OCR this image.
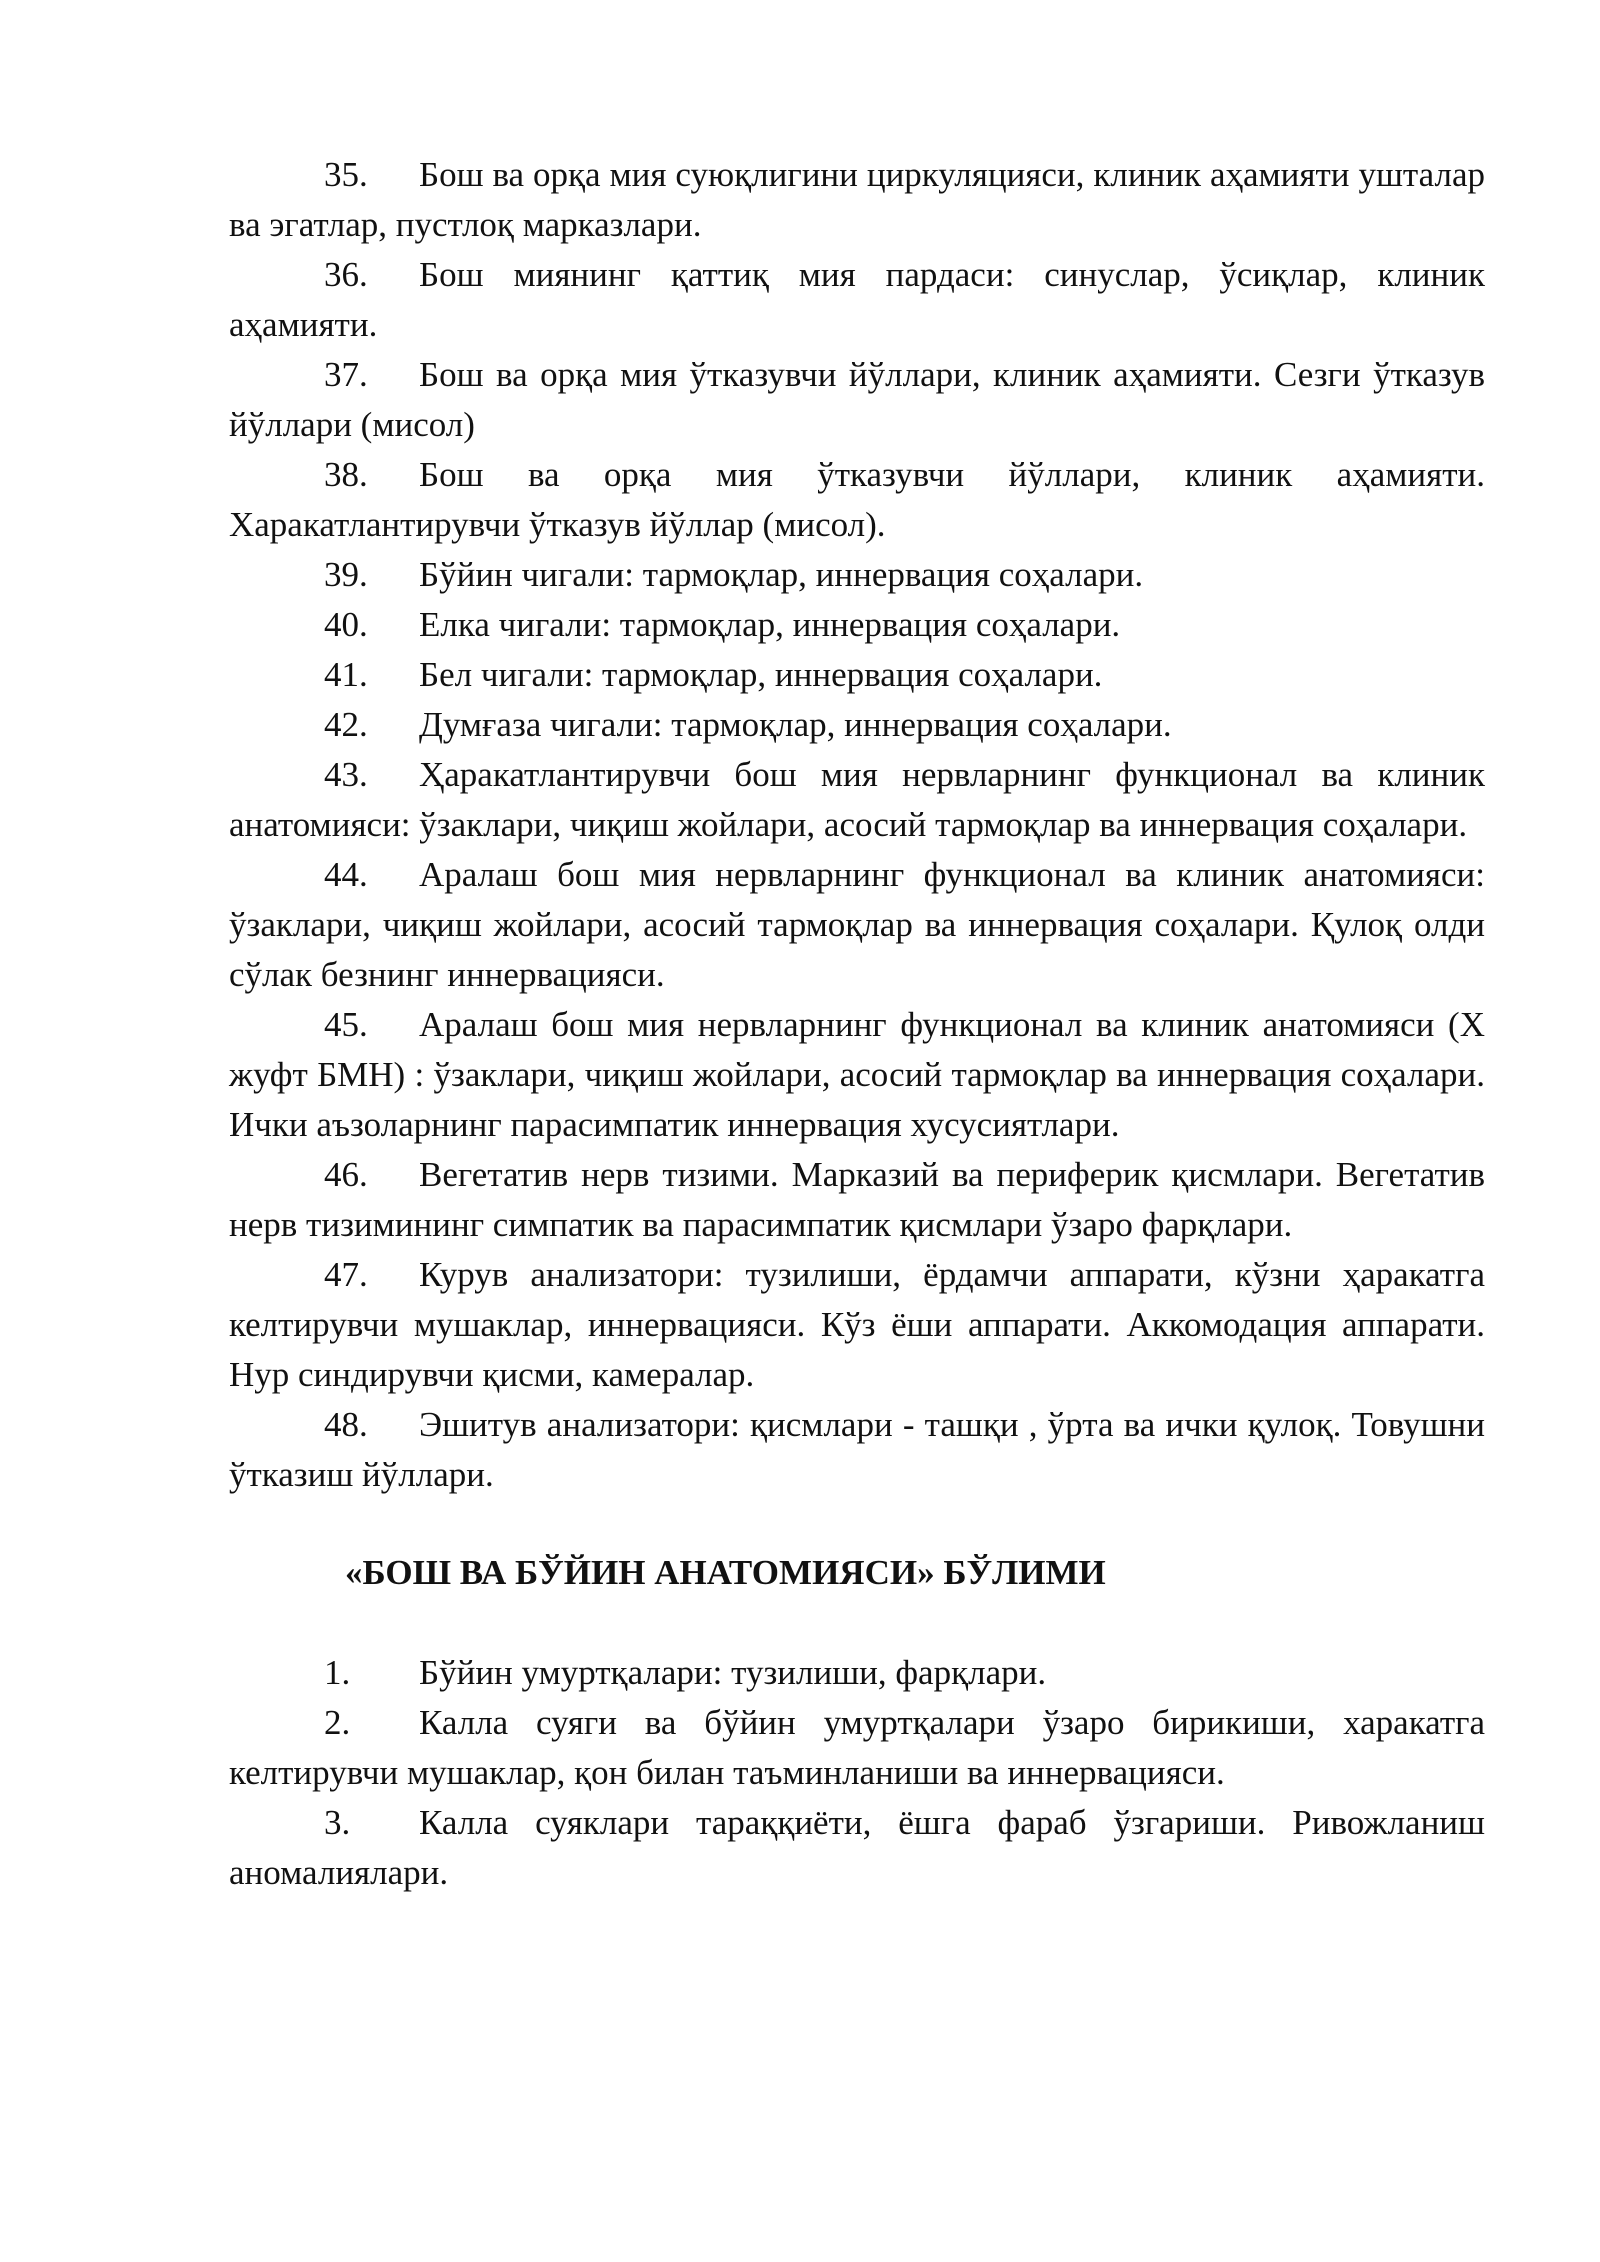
35. Бош ва орқа мия суюқлигини циркуляцияси, клиник аҳамияти ушталар ва эгатлар, пустлоқ марказлари.

36. Бош миянинг қаттиқ мия пардаси: синуслар, ўсиқлар, клиник аҳамияти.

37. Бош ва орқа мия ўтказувчи йўллари, клиник аҳамияти. Сезги ўтказув йўллари (мисол)

38. Бош ва орқа мия ўтказувчи йўллари, клиник аҳамияти. Харакатлантирувчи ўтказув йўллар (мисол).

39. Бўйин чигали: тармоқлар, иннервация соҳалари.

40. Елка чигали: тармоқлар, иннервация соҳалари.

41. Бел чигали: тармоқлар, иннервация соҳалари.

42. Думғаза чигали: тармоқлар, иннервация соҳалари.

43. Ҳаракатлантирувчи бош мия нервларнинг функционал ва клиник анатомияси: ўзаклари, чиқиш жойлари, асосий тармоқлар ва иннервация соҳалари.

44. Аралаш бош мия нервларнинг функционал ва клиник анатомияси: ўзаклари, чиқиш жойлари, асосий тармоқлар ва иннервация соҳалари. Қулоқ олди сўлак безнинг иннервацияси.

45. Аралаш бош мия нервларнинг функционал ва клиник анатомияси (X жуфт БМН) : ўзаклари, чиқиш жойлари, асосий тармоқлар ва иннервация соҳалари. Ички аъзоларнинг парасимпатик иннервация хусусиятлари.

46. Вегетатив нерв тизими. Марказий ва периферик қисмлари. Вегетатив нерв тизимининг симпатик ва парасимпатик қисмлари ўзаро фарқлари.

47. Курув анализатори: тузилиши, ёрдамчи аппарати, кўзни ҳаракатга келтирувчи мушаклар, иннервацияси. Кўз ёши аппарати. Аккомодация аппарати. Нур синдирувчи қисми, камералар.

48. Эшитув анализатори: қисмлари - ташқи , ўрта ва ички қулоқ. Товушни ўтказиш йўллари.

«БОШ ВА БЎЙИН АНАТОМИЯСИ» БЎЛИМИ

1. Бўйин умуртқалари: тузилиши, фарқлари.

2. Калла суяги ва бўйин умуртқалари ўзаро бирикиши, харакатга келтирувчи мушаклар, қон билан таъминланиши ва иннервацияси.

3. Калла суяклари тараққиёти, ёшга фараб ўзгариши. Ривожланиш аномалиялари.
